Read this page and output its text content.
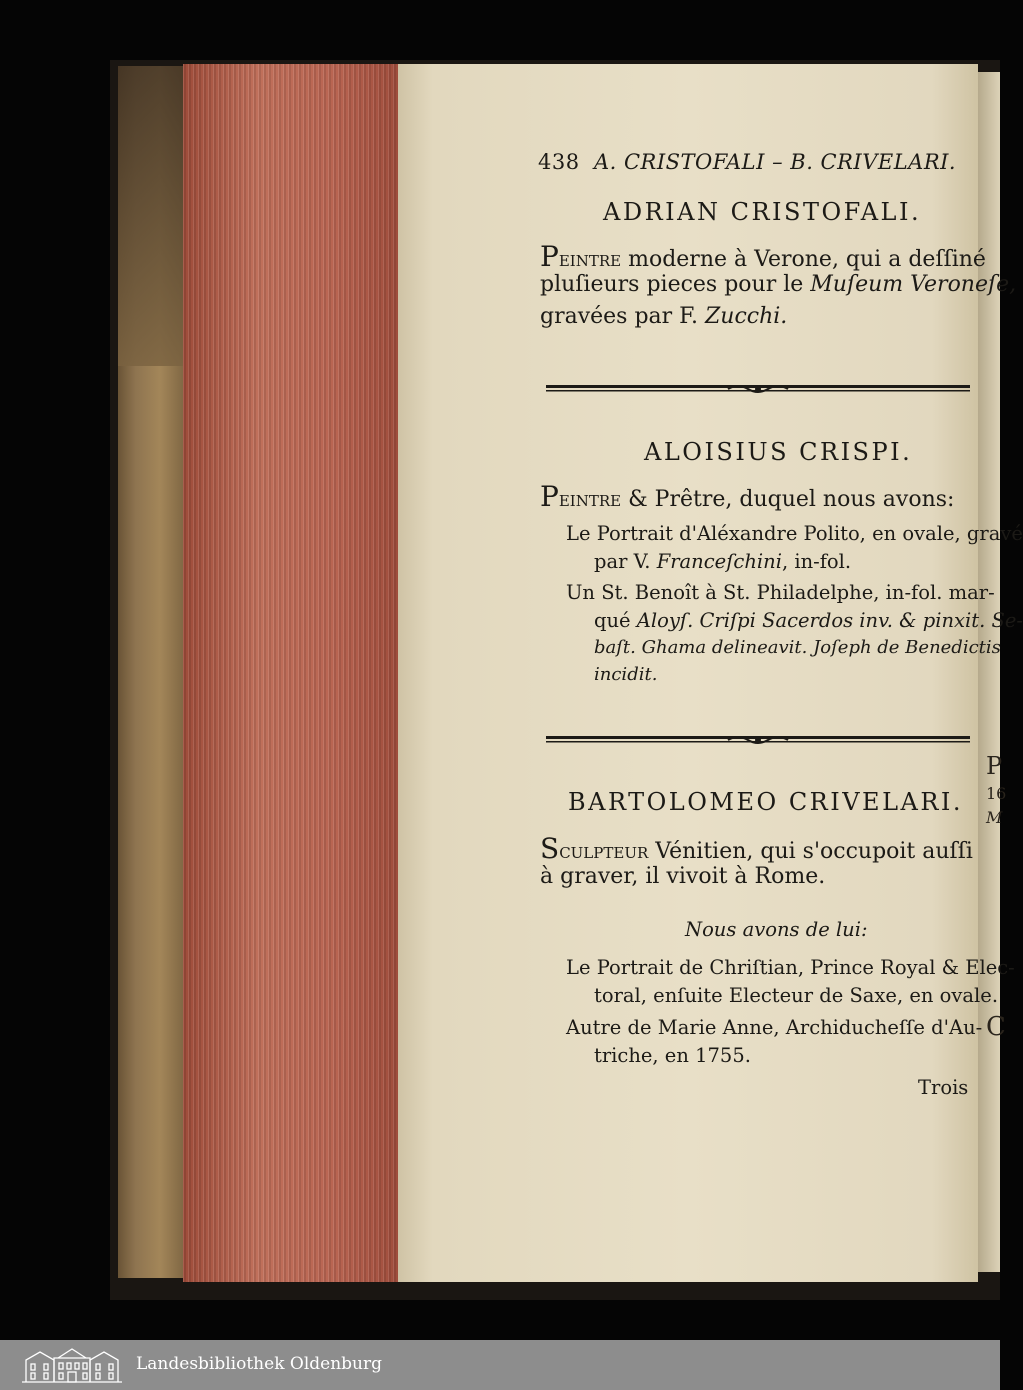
P
16
M
C
438 A. CRISTOFALI – B. CRIVELARI.
ADRIAN CRISTOFALI.
PEINTRE moderne à Verone, qui a deſſiné
pluſieurs pieces pour le Muſeum Veroneſe,
gravées par F. Zucchi.
ALOISIUS CRISPI.
PEINTRE & Prêtre, duquel nous avons:
Le Portrait d'Aléxandre Polito, en ovale, gravé
par V. Franceſchini, in-fol.
Un St. Benoît à St. Philadelphe, in-fol. mar-
qué Aloyſ. Criſpi Sacerdos inv. & pinxit. Se-
baſt. Ghama delineavit. Joſeph de Benedictis
incidit.
BARTOLOMEO CRIVELARI.
SCULPTEUR Vénitien, qui s'occupoit auſſi
à graver, il vivoit à Rome.
Nous avons de lui:
Le Portrait de Chriſtian, Prince Royal & Elec-
toral, enſuite Electeur de Saxe, en ovale.
Autre de Marie Anne, Archiducheſſe d'Au-
triche, en 1755.
Trois
Landesbibliothek Oldenburg
